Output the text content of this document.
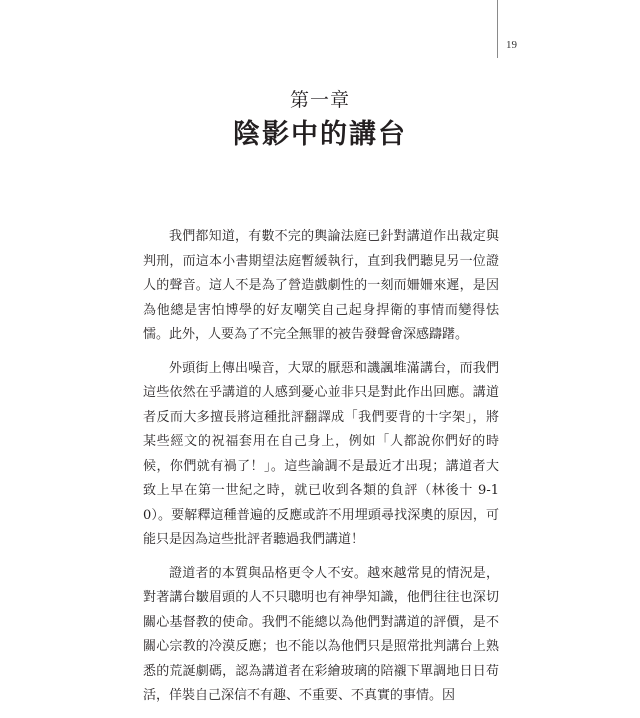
19
第一章
陰影中的講台

我們都知道，有數不完的輿論法庭已針對講道作出裁定與判刑，而這本小書期望法庭暫緩執行，直到我們聽見另一位證人的聲音。這人不是為了營造戲劇性的一刻而姍姍來遲，是因為他總是害怕博學的好友嘲笑自己起身捍衛的事情而變得怯懦。此外，人要為了不完全無罪的被告發聲會深感躊躇。

外頭街上傳出噪音，大眾的厭惡和譏諷堆滿講台，而我們這些依然在乎講道的人感到憂心並非只是對此作出回應。講道者反而大多擅長將這種批評翻譯成「我們要背的十字架」，將某些經文的祝福套用在自己身上，例如「人都說你們好的時候，你們就有禍了！」。這些論調不是最近才出現；講道者大致上早在第一世紀之時，就已收到各類的負評（林後十 9-10）。要解釋這種普遍的反應或許不用埋頭尋找深奧的原因，可能只是因為這些批評者聽過我們講道！

證道者的本質與品格更令人不安。越來越常見的情況是，對著講台皺眉頭的人不只聰明也有神學知識，他們往往也深切關心基督教的使命。我們不能總以為他們對講道的評價，是不關心宗教的冷漠反應；也不能以為他們只是照常批判講台上熟悉的荒誕劇碼，認為講道者在彩繪玻璃的陪襯下單調地日日苟活，佯裝自己深信不有趣、不重要、不真實的事情。因
